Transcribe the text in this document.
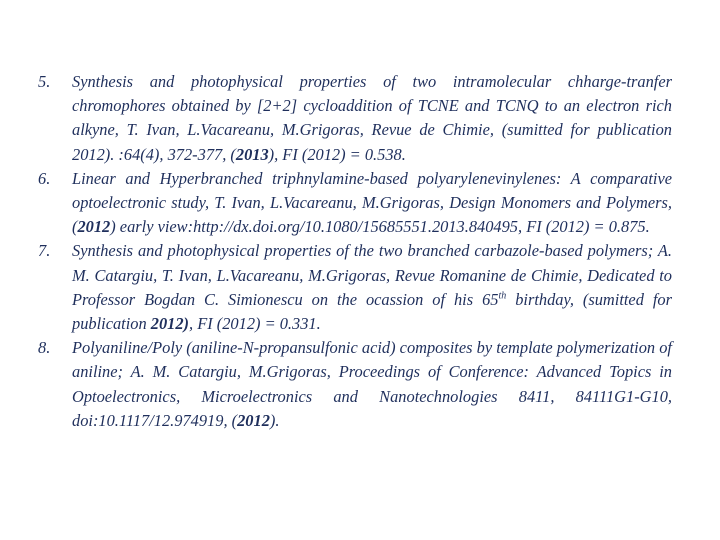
5. Synthesis and photophysical properties of two intramolecular chharge-tranfer chromophores obtained by [2+2] cycloaddition of TCNE and TCNQ to an electron rich alkyne, T. Ivan, L.Vacareanu, M.Grigoras, Revue de Chimie, (sumitted for publication 2012). :64(4), 372-377, (2013), FI (2012) = 0.538.
6. Linear and Hyperbranched triphnylamine-based polyarylenevinylenes: A comparative optoelectronic study, T. Ivan, L.Vacareanu, M.Grigoras, Design Monomers and Polymers, (2012) early view:http://dx.doi.org/10.1080/15685551.2013.840495, FI (2012) = 0.875.
7. Synthesis and photophysical properties of the two branched carbazole-based polymers; A. M. Catargiu, T. Ivan, L.Vacareanu, M.Grigoras, Revue Romanine de Chimie, Dedicated to Professor Bogdan C. Simionescu on the ocassion of his 65th birthday, (sumitted for publication 2012), FI (2012) = 0.331.
8. Polyaniline/Poly (aniline-N-propansulfonic acid) composites by template polymerization of aniline; A. M. Catargiu, M.Grigoras, Proceedings of Conference: Advanced Topics in Optoelectronics, Microelectronics and Nanotechnologies 8411, 84111G1-G10, doi:10.1117/12.974919, (2012).
